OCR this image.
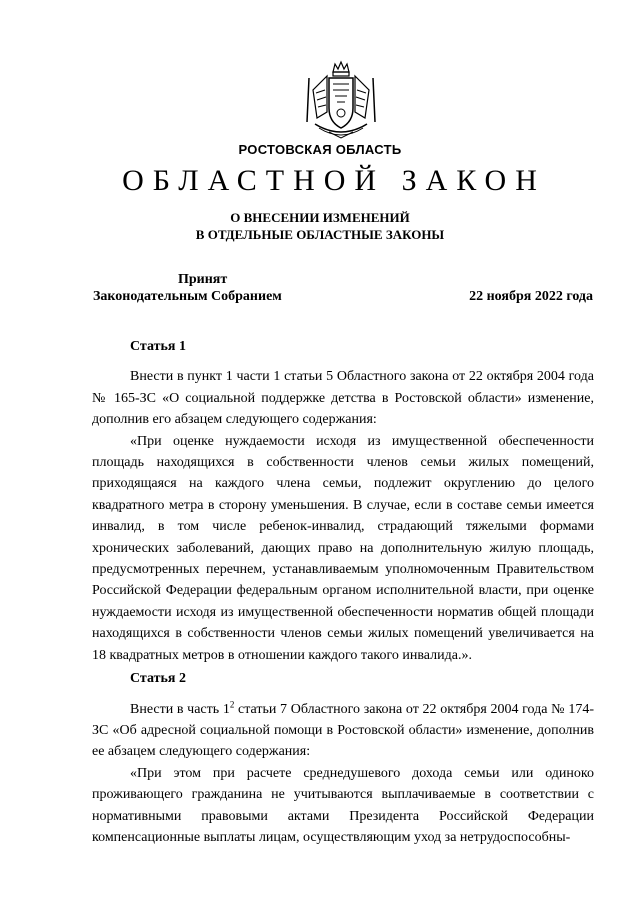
РОСТОВСКАЯ ОБЛАСТЬ
ОБЛАСТНОЙ ЗАКОН
О ВНЕСЕНИИ ИЗМЕНЕНИЙ
В ОТДЕЛЬНЫЕ ОБЛАСТНЫЕ ЗАКОНЫ
Принят
Законодательным Собранием	22 ноября 2022 года
Статья 1

Внести в пункт 1 части 1 статьи 5 Областного закона от 22 октября 2004 года № 165-ЗС «О социальной поддержке детства в Ростовской области» изменение, дополнив его абзацем следующего содержания:

«При оценке нуждаемости исходя из имущественной обеспеченности площадь находящихся в собственности членов семьи жилых помещений, приходящаяся на каждого члена семьи, подлежит округлению до целого квадратного метра в сторону уменьшения. В случае, если в составе семьи имеется инвалид, в том числе ребенок-инвалид, страдающий тяжелыми формами хронических заболеваний, дающих право на дополнительную жилую площадь, предусмотренных перечнем, устанавливаемым уполномоченным Правительством Российской Федерации федеральным органом исполнительной власти, при оценке нуждаемости исходя из имущественной обеспеченности норматив общей площади находящихся в собственности членов семьи жилых помещений увеличивается на 18 квадратных метров в отношении каждого такого инвалида.».

Статья 2

Внести в часть $1^2$ статьи 7 Областного закона от 22 октября 2004 года № 174-ЗС «Об адресной социальной помощи в Ростовской области» изменение, дополнив ее абзацем следующего содержания:

«При этом при расчете среднедушевого дохода семьи или одиноко проживающего гражданина не учитываются выплачиваемые в соответствии с нормативными правовыми актами Президента Российской Федерации компенсационные выплаты лицам, осуществляющим уход за нетрудоспособны-
